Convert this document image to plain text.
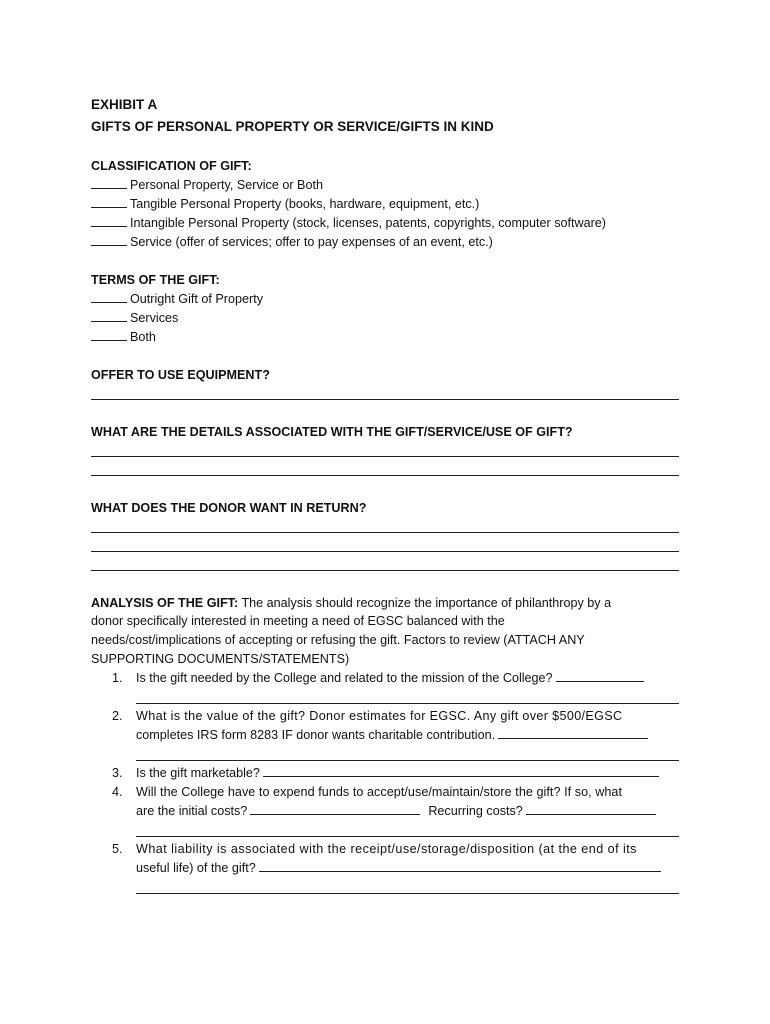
EXHIBIT A
GIFTS OF PERSONAL PROPERTY OR SERVICE/GIFTS IN KIND
CLASSIFICATION OF GIFT:
Personal Property, Service or Both
Tangible Personal Property (books, hardware, equipment, etc.)
Intangible Personal Property (stock, licenses, patents, copyrights, computer software)
Service (offer of services; offer to pay expenses of an event, etc.)
TERMS OF THE GIFT:
Outright Gift of Property
Services
Both
OFFER TO USE EQUIPMENT?
WHAT ARE THE DETAILS ASSOCIATED WITH THE GIFT/SERVICE/USE OF GIFT?
WHAT DOES THE DONOR WANT IN RETURN?
ANALYSIS OF THE GIFT: The analysis should recognize the importance of philanthropy by a
donor specifically interested in meeting a need of EGSC balanced with the
needs/cost/implications of accepting or refusing the gift. Factors to review (ATTACH ANY
SUPPORTING DOCUMENTS/STATEMENTS)
1. Is the gift needed by the College and related to the mission of the College?
2. What is the value of the gift? Donor estimates for EGSC. Any gift over $500/EGSC
completes IRS form 8283 IF donor wants charitable contribution.
3. Is the gift marketable?
4. Will the College have to expend funds to accept/use/maintain/store the gift? If so, what
are the initial costs?	Recurring costs?
5. What liability is associated with the receipt/use/storage/disposition (at the end of its
useful life) of the gift?
